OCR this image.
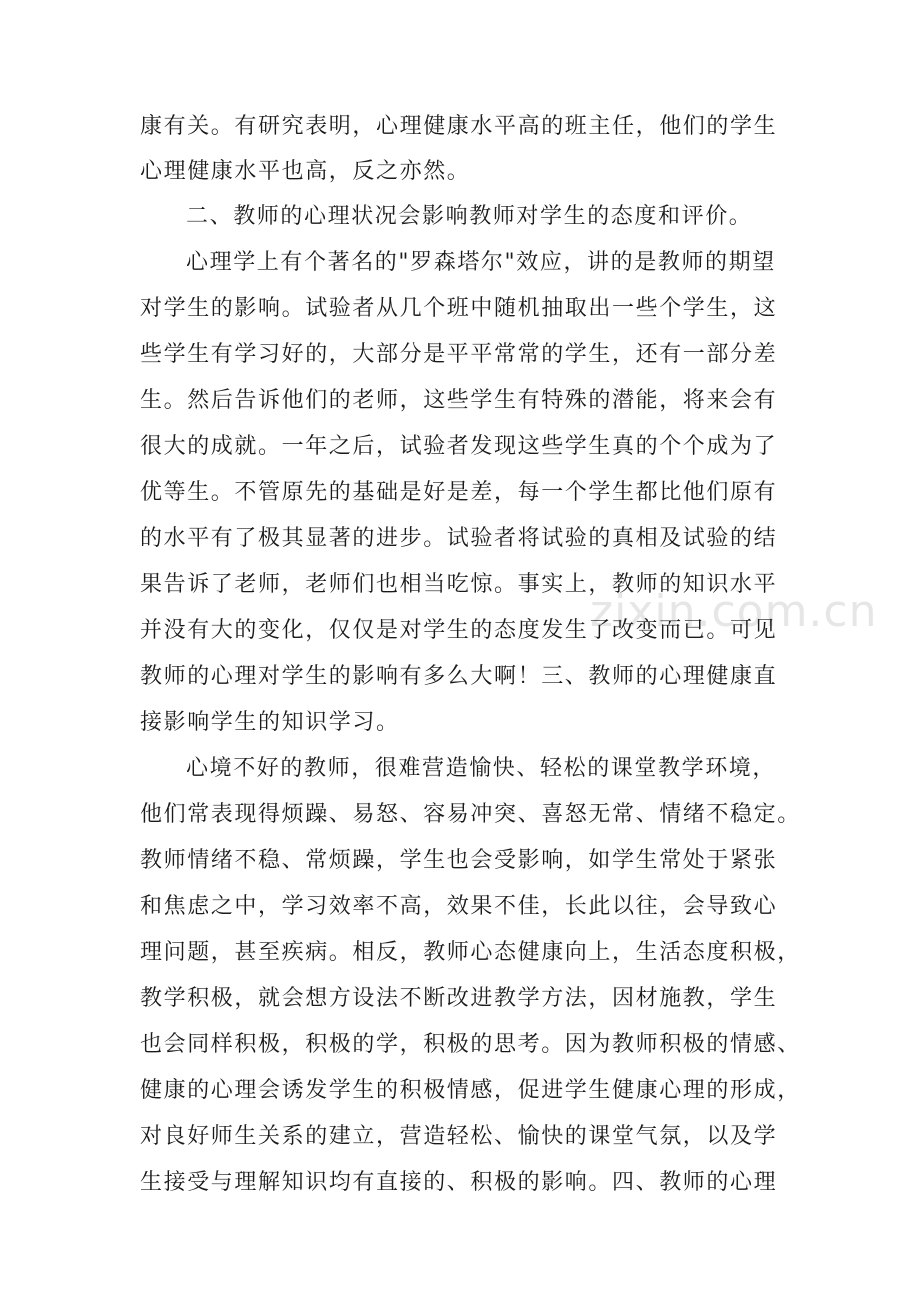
zixin.com.cn
康有关。有研究表明，心理健康水平高的班主任，他们的学生
心理健康水平也高，反之亦然。
二、教师的心理状况会影响教师对学生的态度和评价。
心理学上有个著名的"罗森塔尔"效应，讲的是教师的期望
对学生的影响。试验者从几个班中随机抽取出一些个学生，这
些学生有学习好的，大部分是平平常常的学生，还有一部分差
生。然后告诉他们的老师，这些学生有特殊的潜能，将来会有
很大的成就。一年之后，试验者发现这些学生真的个个成为了
优等生。不管原先的基础是好是差，每一个学生都比他们原有
的水平有了极其显著的进步。试验者将试验的真相及试验的结
果告诉了老师，老师们也相当吃惊。事实上，教师的知识水平
并没有大的变化，仅仅是对学生的态度发生了改变而已。可见
教师的心理对学生的影响有多么大啊！三、教师的心理健康直
接影响学生的知识学习。
心境不好的教师，很难营造愉快、轻松的课堂教学环境，
他们常表现得烦躁、易怒、容易冲突、喜怒无常、情绪不稳定。
教师情绪不稳、常烦躁，学生也会受影响，如学生常处于紧张
和焦虑之中，学习效率不高，效果不佳，长此以往，会导致心
理问题，甚至疾病。相反，教师心态健康向上，生活态度积极，
教学积极，就会想方设法不断改进教学方法，因材施教，学生
也会同样积极，积极的学，积极的思考。因为教师积极的情感、
健康的心理会诱发学生的积极情感，促进学生健康心理的形成，
对良好师生关系的建立，营造轻松、愉快的课堂气氛，以及学
生接受与理解知识均有直接的、积极的影响。四、教师的心理
